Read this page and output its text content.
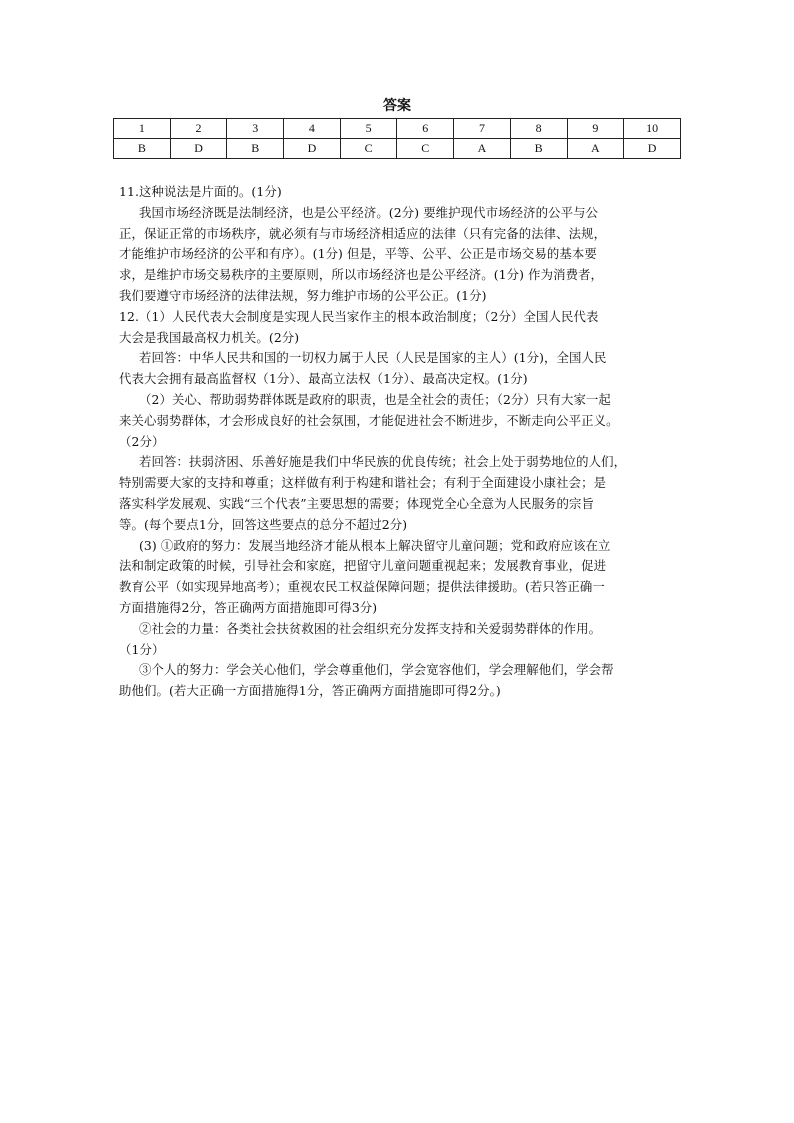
答案
1	2	3	4	5	6	7	8	9	10
B	D	B	D	C	C	A	B	A	D
11.这种说法是片面的。(1分)
我国市场经济既是法制经济，也是公平经济。(2分) 要维护现代市场经济的公平与公
正，保证正常的市场秩序，就必须有与市场经济相适应的法律（只有完备的法律、法规，
才能维护市场经济的公平和有序）。(1分) 但是，平等、公平、公正是市场交易的基本要
求，是维护市场交易秩序的主要原则，所以市场经济也是公平经济。(1分) 作为消费者，
我们要遵守市场经济的法律法规，努力维护市场的公平公正。(1分)
12.（1）人民代表大会制度是实现人民当家作主的根本政治制度；（2分）全国人民代表
大会是我国最高权力机关。(2分)
若回答：中华人民共和国的一切权力属于人民（人民是国家的主人）(1分)，全国人民
代表大会拥有最高监督权（1分）、最高立法权（1分）、最高决定权。(1分)
（2）关心、帮助弱势群体既是政府的职责，也是全社会的责任；（2分）只有大家一起
来关心弱势群体，才会形成良好的社会氛围，才能促进社会不断进步，不断走向公平正义。
（2分）
若回答：扶弱济困、乐善好施是我们中华民族的优良传统；社会上处于弱势地位的人们，
特别需要大家的支持和尊重；这样做有利于构建和谐社会；有利于全面建设小康社会；是
落实科学发展观、实践“三个代表”主要思想的需要；体现党全心全意为人民服务的宗旨
等。(每个要点1分，回答这些要点的总分不超过2分)
(3) ①政府的努力：发展当地经济才能从根本上解决留守儿童问题；党和政府应该在立
法和制定政策的时候，引导社会和家庭，把留守儿童问题重视起来；发展教育事业，促进
教育公平（如实现异地高考）；重视农民工权益保障问题；提供法律援助。(若只答正确一
方面措施得2分，答正确两方面措施即可得3分)
②社会的力量：各类社会扶贫救困的社会组织充分发挥支持和关爱弱势群体的作用。
（1分）
③个人的努力：学会关心他们，学会尊重他们，学会宽容他们，学会理解他们，学会帮
助他们。(若大正确一方面措施得1分，答正确两方面措施即可得2分。)
